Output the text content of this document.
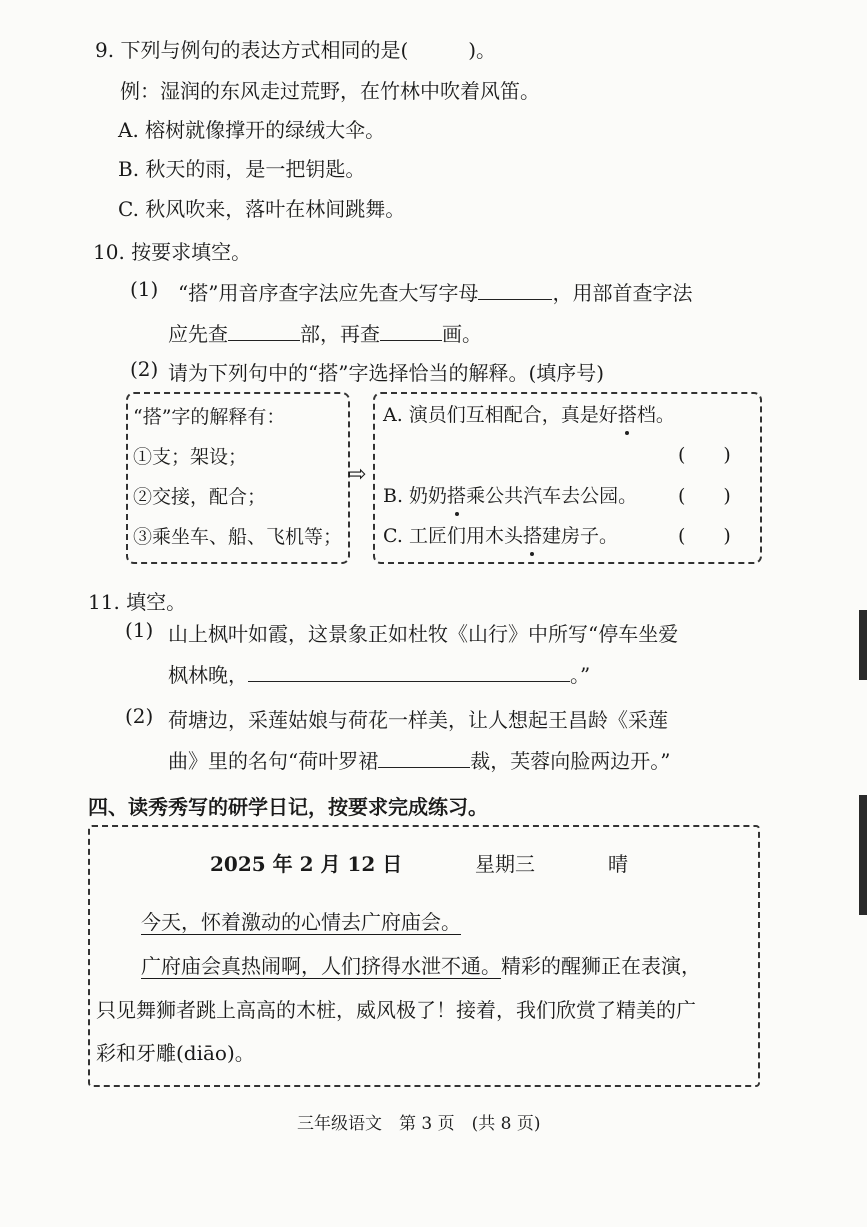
9. 下列与例句的表达方式相同的是(　　　)。
例：湿润的东风走过荒野，在竹林中吹着风笛。
A. 榕树就像撑开的绿绒大伞。
B. 秋天的雨，是一把钥匙。
C. 秋风吹来，落叶在林间跳舞。
10. 按要求填空。
(1) “搭”用音序查字法应先查大写字母	，用部首查字法
应先查	部，再查	画。
(2) 请为下列句中的“搭”字选择恰当的解释。(填序号)
“搭”字的解释有：
①支；架设；
②交接，配合；
③乘坐车、船、飞机等；
⇨
A. 演员们互相配合，真是好搭档。
(　　)
B. 奶奶搭乘公共汽车去公园。 (　　)
C. 工匠们用木头搭建房子。	(　　)
11. 填空。
(1) 山上枫叶如霞，这景象正如杜牧《山行》中所写“停车坐爱
枫林晚，	。”
(2) 荷塘边，采莲姑娘与荷花一样美，让人想起王昌龄《采莲
曲》里的名句“荷叶罗裙	裁，芙蓉向脸两边开。”
四、读秀秀写的研学日记，按要求完成练习。
2025 年 2 月 12 日	星期三	晴
今天，怀着激动的心情去广府庙会。
广府庙会真热闹啊，人们挤得水泄不通。精彩的醒狮正在表演，
只见舞狮者跳上高高的木桩，威风极了！接着，我们欣赏了精美的广
彩和牙雕(diāo)。
三年级语文　第 3 页　(共 8 页)
